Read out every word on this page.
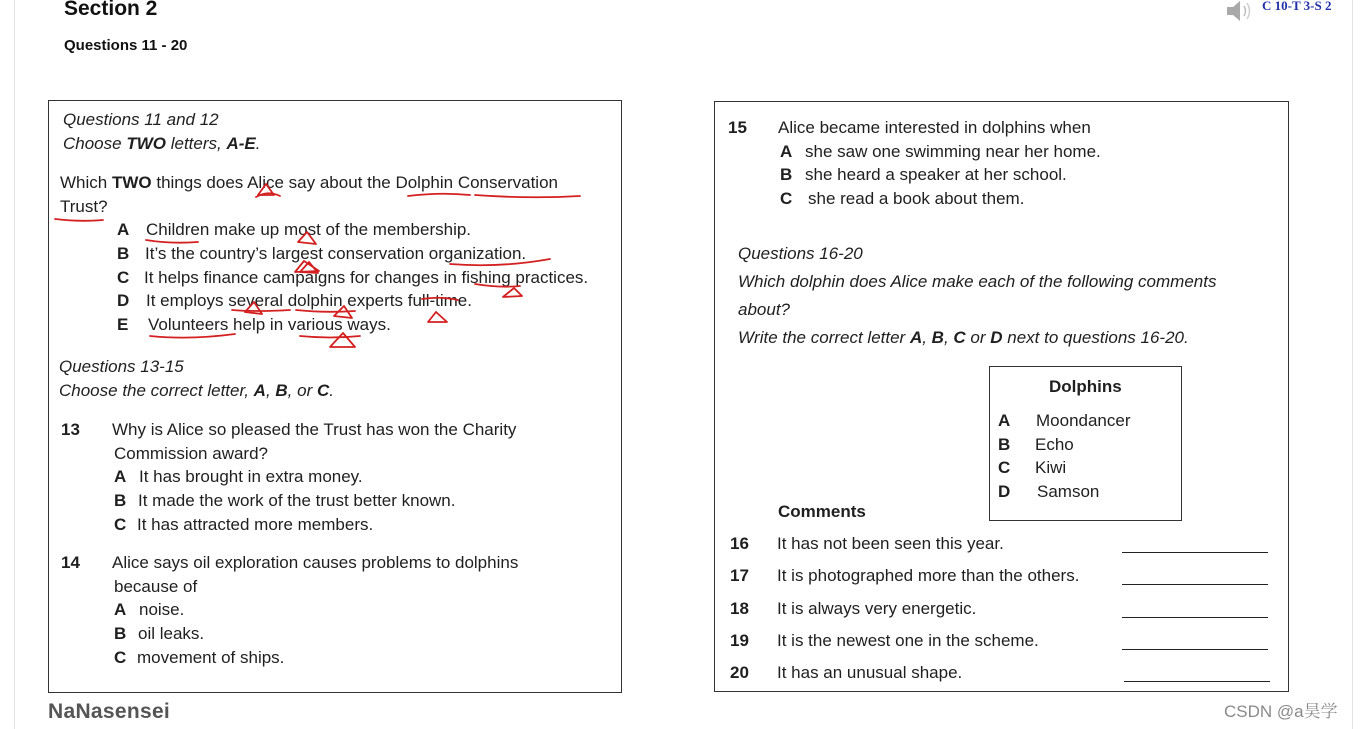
Section 2
Questions 11 - 20
C 10-T 3-S 2
Questions 11 and 12
Choose TWO letters, A-E.
Which TWO things does Alice say about the Dolphin Conservation
Trust?
A Children make up most of the membership.
B It’s the country’s largest conservation organization.
C It helps finance campaigns for changes in fishing practices.
D It employs several dolphin experts full-time.
E Volunteers help in various ways.
Questions 13-15
Choose the correct letter, A, B, or C.
13 Why is Alice so pleased the Trust has won the Charity
Commission award?
A It has brought in extra money.
B It made the work of the trust better known.
C It has attracted more members.
14 Alice says oil exploration causes problems to dolphins
because of
A noise.
B oil leaks.
C movement of ships.
15 Alice became interested in dolphins when
A she saw one swimming near her home.
B she heard a speaker at her school.
C she read a book about them.
Questions 16-20
Which dolphin does Alice make each of the following comments
about?
Write the correct letter A, B, C or D next to questions 16-20.
Dolphins
A Moondancer
B Echo
C Kiwi
D Samson
Comments
16 It has not been seen this year.
17 It is photographed more than the others.
18 It is always very energetic.
19 It is the newest one in the scheme.
20 It has an unusual shape.
NaNasensei	CSDN @a昊学
